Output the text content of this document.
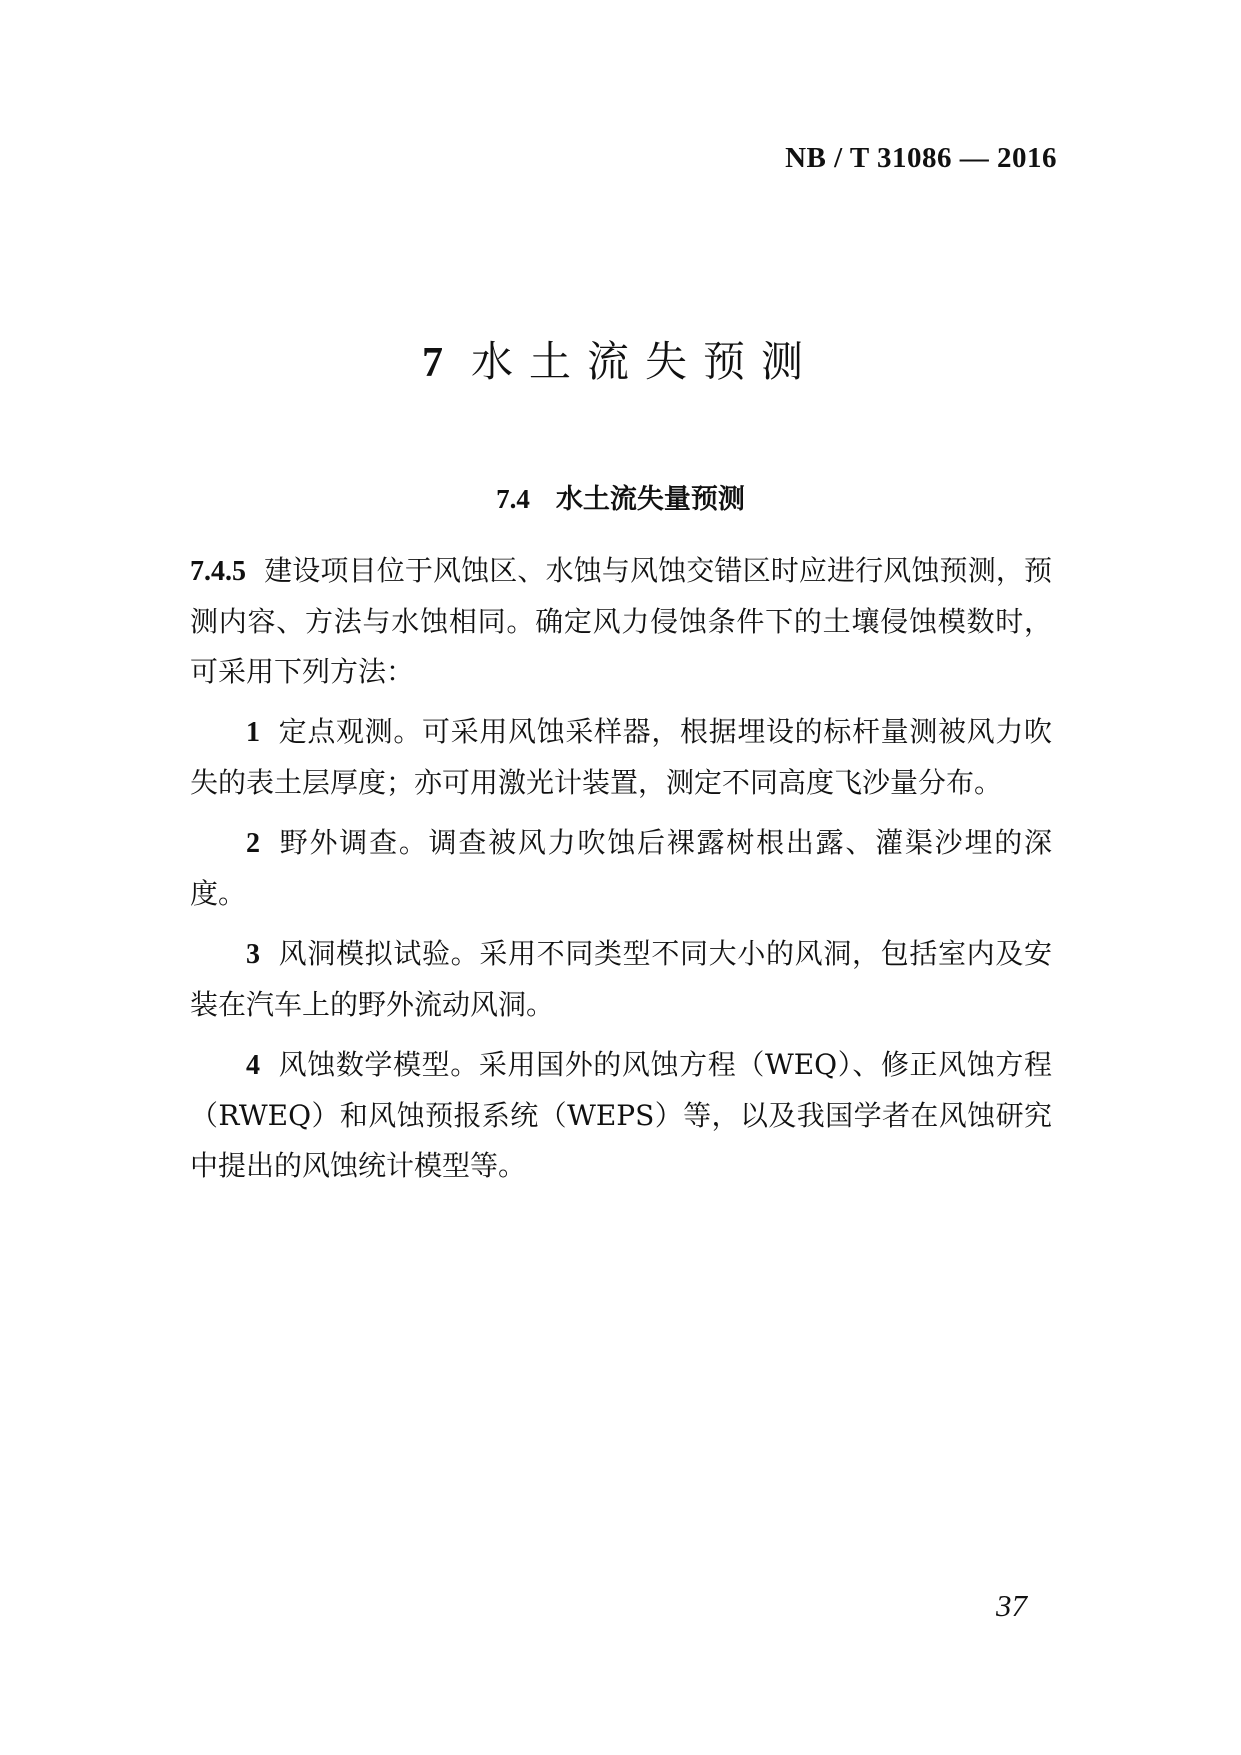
NB / T 31086 — 2016
7 水土流失预测
7.4 水土流失量预测

7.4.5 建设项目位于风蚀区、水蚀与风蚀交错区时应进行风蚀预测，预测内容、方法与水蚀相同。确定风力侵蚀条件下的土壤侵蚀模数时，可采用下列方法：

1 定点观测。可采用风蚀采样器，根据埋设的标杆量测被风力吹失的表土层厚度；亦可用激光计装置，测定不同高度飞沙量分布。

2 野外调查。调查被风力吹蚀后裸露树根出露、灌渠沙埋的深度。

3 风洞模拟试验。采用不同类型不同大小的风洞，包括室内及安装在汽车上的野外流动风洞。

4 风蚀数学模型。采用国外的风蚀方程（WEQ）、修正风蚀方程（RWEQ）和风蚀预报系统（WEPS）等，以及我国学者在风蚀研究中提出的风蚀统计模型等。

37
